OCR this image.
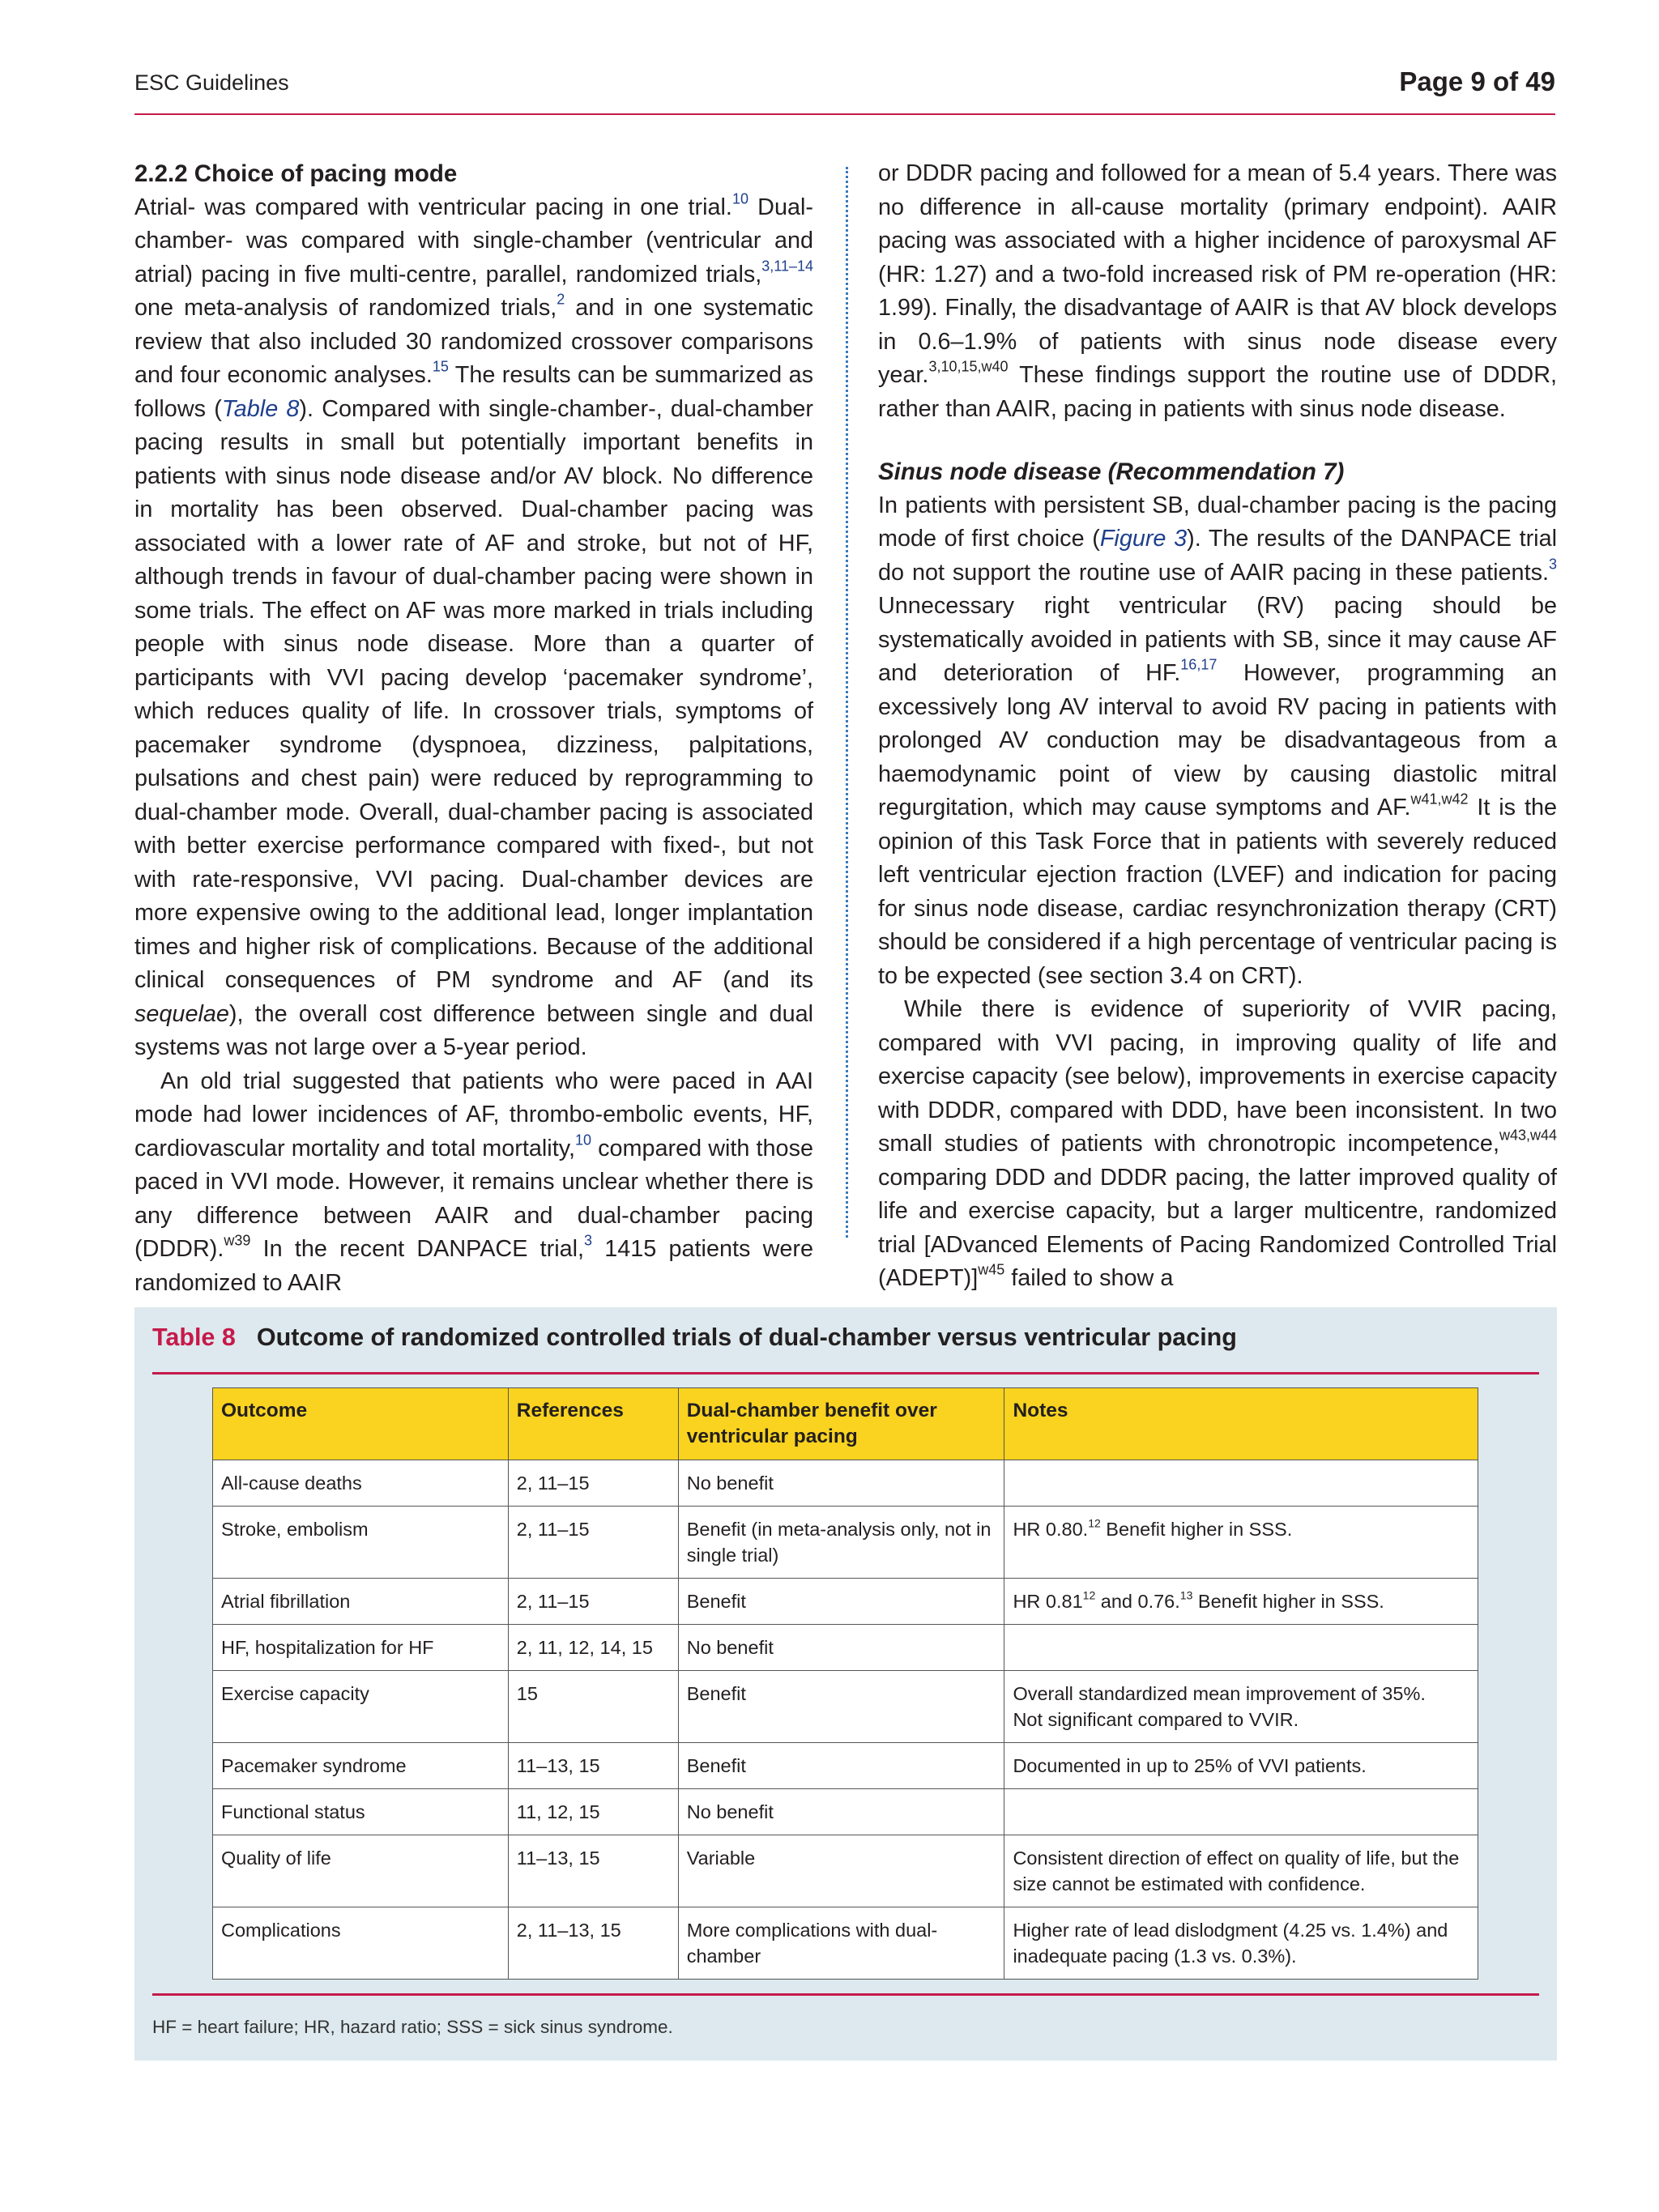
ESC Guidelines	Page 9 of 49

2.2.2 Choice of pacing mode

Atrial- was compared with ventricular pacing in one trial.$^{10}$ Dual-chamber- was compared with single-chamber (ventricular and atrial) pacing in five multi-centre, parallel, randomized trials,$^{3,11-14}$ one meta-analysis of randomized trials,$^2$ and in one systematic review that also included 30 randomized crossover comparisons and four economic analyses.$^{15}$ The results can be summarized as follows (Table 8). Compared with single-chamber-, dual-chamber pacing results in small but potentially important benefits in patients with sinus node disease and/or AV block. No difference in mortality has been observed. Dual-chamber pacing was associated with a lower rate of AF and stroke, but not of HF, although trends in favour of dual-chamber pacing were shown in some trials. The effect on AF was more marked in trials including people with sinus node disease. More than a quarter of participants with VVI pacing develop ‘pacemaker syndrome’, which reduces quality of life. In crossover trials, symptoms of pacemaker syndrome (dyspnoea, dizziness, palpitations, pulsations and chest pain) were reduced by reprogramming to dual-chamber mode. Overall, dual-chamber pacing is associated with better exercise performance compared with fixed-, but not with rate-responsive, VVI pacing. Dual-chamber devices are more expensive owing to the additional lead, longer implantation times and higher risk of complications. Because of the additional clinical consequences of PM syndrome and AF (and its sequelae), the overall cost difference between single and dual systems was not large over a 5-year period.

An old trial suggested that patients who were paced in AAI mode had lower incidences of AF, thrombo-embolic events, HF, cardiovascular mortality and total mortality,$^{10}$ compared with those paced in VVI mode. However, it remains unclear whether there is any difference between AAIR and dual-chamber pacing (DDDR).$^{w39}$ In the recent DANPACE trial,$^3$ 1415 patients were randomized to AAIR

or DDDR pacing and followed for a mean of 5.4 years. There was no difference in all-cause mortality (primary endpoint). AAIR pacing was associated with a higher incidence of paroxysmal AF (HR: 1.27) and a two-fold increased risk of PM re-operation (HR: 1.99). Finally, the disadvantage of AAIR is that AV block develops in 0.6–1.9% of patients with sinus node disease every year.$^{3,10,15,w40}$ These findings support the routine use of DDDR, rather than AAIR, pacing in patients with sinus node disease.

Sinus node disease (Recommendation 7)

In patients with persistent SB, dual-chamber pacing is the pacing mode of first choice (Figure 3). The results of the DANPACE trial do not support the routine use of AAIR pacing in these patients.$^3$ Unnecessary right ventricular (RV) pacing should be systematically avoided in patients with SB, since it may cause AF and deterioration of HF.$^{16,17}$ However, programming an excessively long AV interval to avoid RV pacing in patients with prolonged AV conduction may be disadvantageous from a haemodynamic point of view by causing diastolic mitral regurgitation, which may cause symptoms and AF.$^{w41,w42}$ It is the opinion of this Task Force that in patients with severely reduced left ventricular ejection fraction (LVEF) and indication for pacing for sinus node disease, cardiac resynchronization therapy (CRT) should be considered if a high percentage of ventricular pacing is to be expected (see section 3.4 on CRT).

While there is evidence of superiority of VVIR pacing, compared with VVI pacing, in improving quality of life and exercise capacity (see below), improvements in exercise capacity with DDDR, compared with DDD, have been inconsistent. In two small studies of patients with chronotropic incompetence,$^{w43,w44}$ comparing DDD and DDDR pacing, the latter improved quality of life and exercise capacity, but a larger multicentre, randomized trial [ADvanced Elements of Pacing Randomized Controlled Trial (ADEPT)]$^{w45}$ failed to show a

Table 8 Outcome of randomized controlled trials of dual-chamber versus ventricular pacing
Outcome	References	Dual-chamber benefit over ventricular pacing	Notes
All-cause deaths	2, 11–15	No benefit	
Stroke, embolism	2, 11–15	Benefit (in meta-analysis only, not in single trial)	HR 0.80.12 Benefit higher in SSS.
Atrial fibrillation	2, 11–15	Benefit	HR 0.81$^{12}$ and 0.76.13 Benefit higher in SSS.
HF, hospitalization for HF	2, 11, 12, 14, 15	No benefit	
Exercise capacity	15	Benefit	Overall standardized mean improvement of 35%.
Not significant compared to VVIR.
Pacemaker syndrome	11–13, 15	Benefit	Documented in up to 25% of VVI patients.
Functional status	11, 12, 15	No benefit	
Quality of life	11–13, 15	Variable	Consistent direction of effect on quality of life, but the size cannot be estimated with confidence.
Complications	2, 11–13, 15	More complications with dual-chamber	Higher rate of lead dislodgment (4.25 vs. 1.4%) and inadequate pacing (1.3 vs. 0.3%).
HF = heart failure; HR, hazard ratio; SSS = sick sinus syndrome.
